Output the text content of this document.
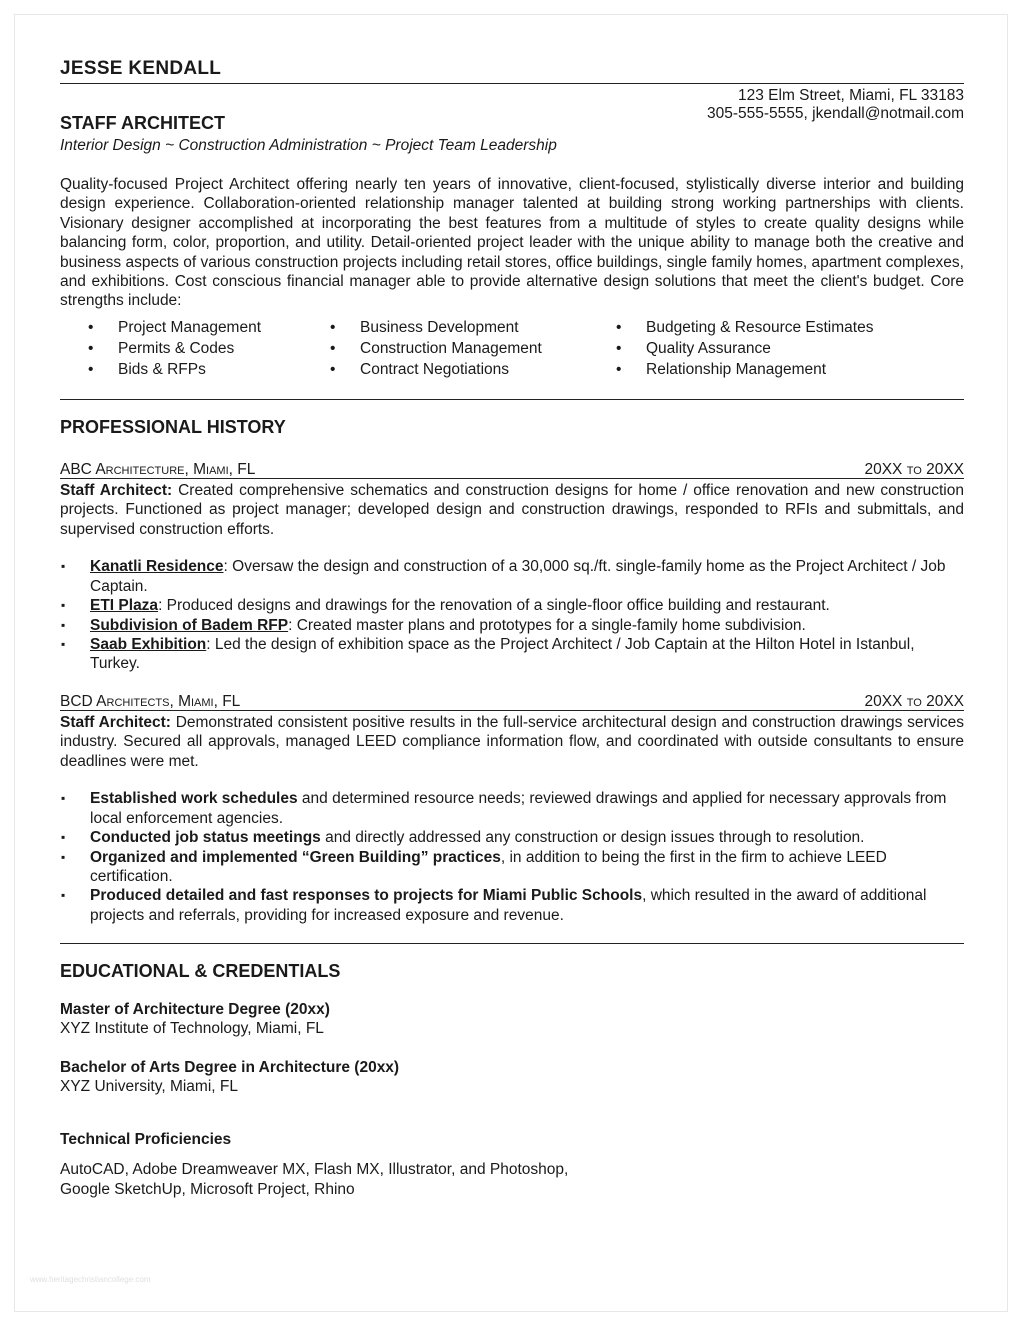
JESSE KENDALL
123 Elm Street, Miami, FL 33183
305-555-5555, jkendall@notmail.com
STAFF ARCHITECT
Interior Design ~ Construction Administration ~ Project Team Leadership
Quality-focused Project Architect offering nearly ten years of innovative, client-focused, stylistically diverse interior and building design experience. Collaboration-oriented relationship manager talented at building strong working partnerships with clients. Visionary designer accomplished at incorporating the best features from a multitude of styles to create quality designs while balancing form, color, proportion, and utility. Detail-oriented project leader with the unique ability to manage both the creative and business aspects of various construction projects including retail stores, office buildings, single family homes, apartment complexes, and exhibitions. Cost conscious financial manager able to provide alternative design solutions that meet the client's budget. Core strengths include:
• Project Management
• Permits & Codes
• Bids & RFPs
• Business Development
• Construction Management
• Contract Negotiations
• Budgeting & Resource Estimates
• Quality Assurance
• Relationship Management
PROFESSIONAL HISTORY
ABC Architecture, Miami, FL	20XX to 20XX
Staff Architect: Created comprehensive schematics and construction designs for home / office renovation and new construction projects. Functioned as project manager; developed design and construction drawings, responded to RFIs and submittals, and supervised construction efforts.
▪ Kanatli Residence: Oversaw the design and construction of a 30,000 sq./ft. single-family home as the Project Architect / Job Captain.
▪ ETI Plaza: Produced designs and drawings for the renovation of a single-floor office building and restaurant.
▪ Subdivision of Badem RFP: Created master plans and prototypes for a single-family home subdivision.
▪ Saab Exhibition: Led the design of exhibition space as the Project Architect / Job Captain at the Hilton Hotel in Istanbul, Turkey.
BCD Architects, Miami, FL	20XX to 20XX
Staff Architect: Demonstrated consistent positive results in the full-service architectural design and construction drawings services industry. Secured all approvals, managed LEED compliance information flow, and coordinated with outside consultants to ensure deadlines were met.
▪ Established work schedules and determined resource needs; reviewed drawings and applied for necessary approvals from local enforcement agencies.
▪ Conducted job status meetings and directly addressed any construction or design issues through to resolution.
▪ Organized and implemented “Green Building” practices, in addition to being the first in the firm to achieve LEED certification.
▪ Produced detailed and fast responses to projects for Miami Public Schools, which resulted in the award of additional projects and referrals, providing for increased exposure and revenue.
EDUCATIONAL & CREDENTIALS
Master of Architecture Degree (20xx)
XYZ Institute of Technology, Miami, FL
Bachelor of Arts Degree in Architecture (20xx)
XYZ University, Miami, FL
Technical Proficiencies
AutoCAD, Adobe Dreamweaver MX, Flash MX, Illustrator, and Photoshop,
Google SketchUp, Microsoft Project, Rhino
www.heritagechristiancollege.com
